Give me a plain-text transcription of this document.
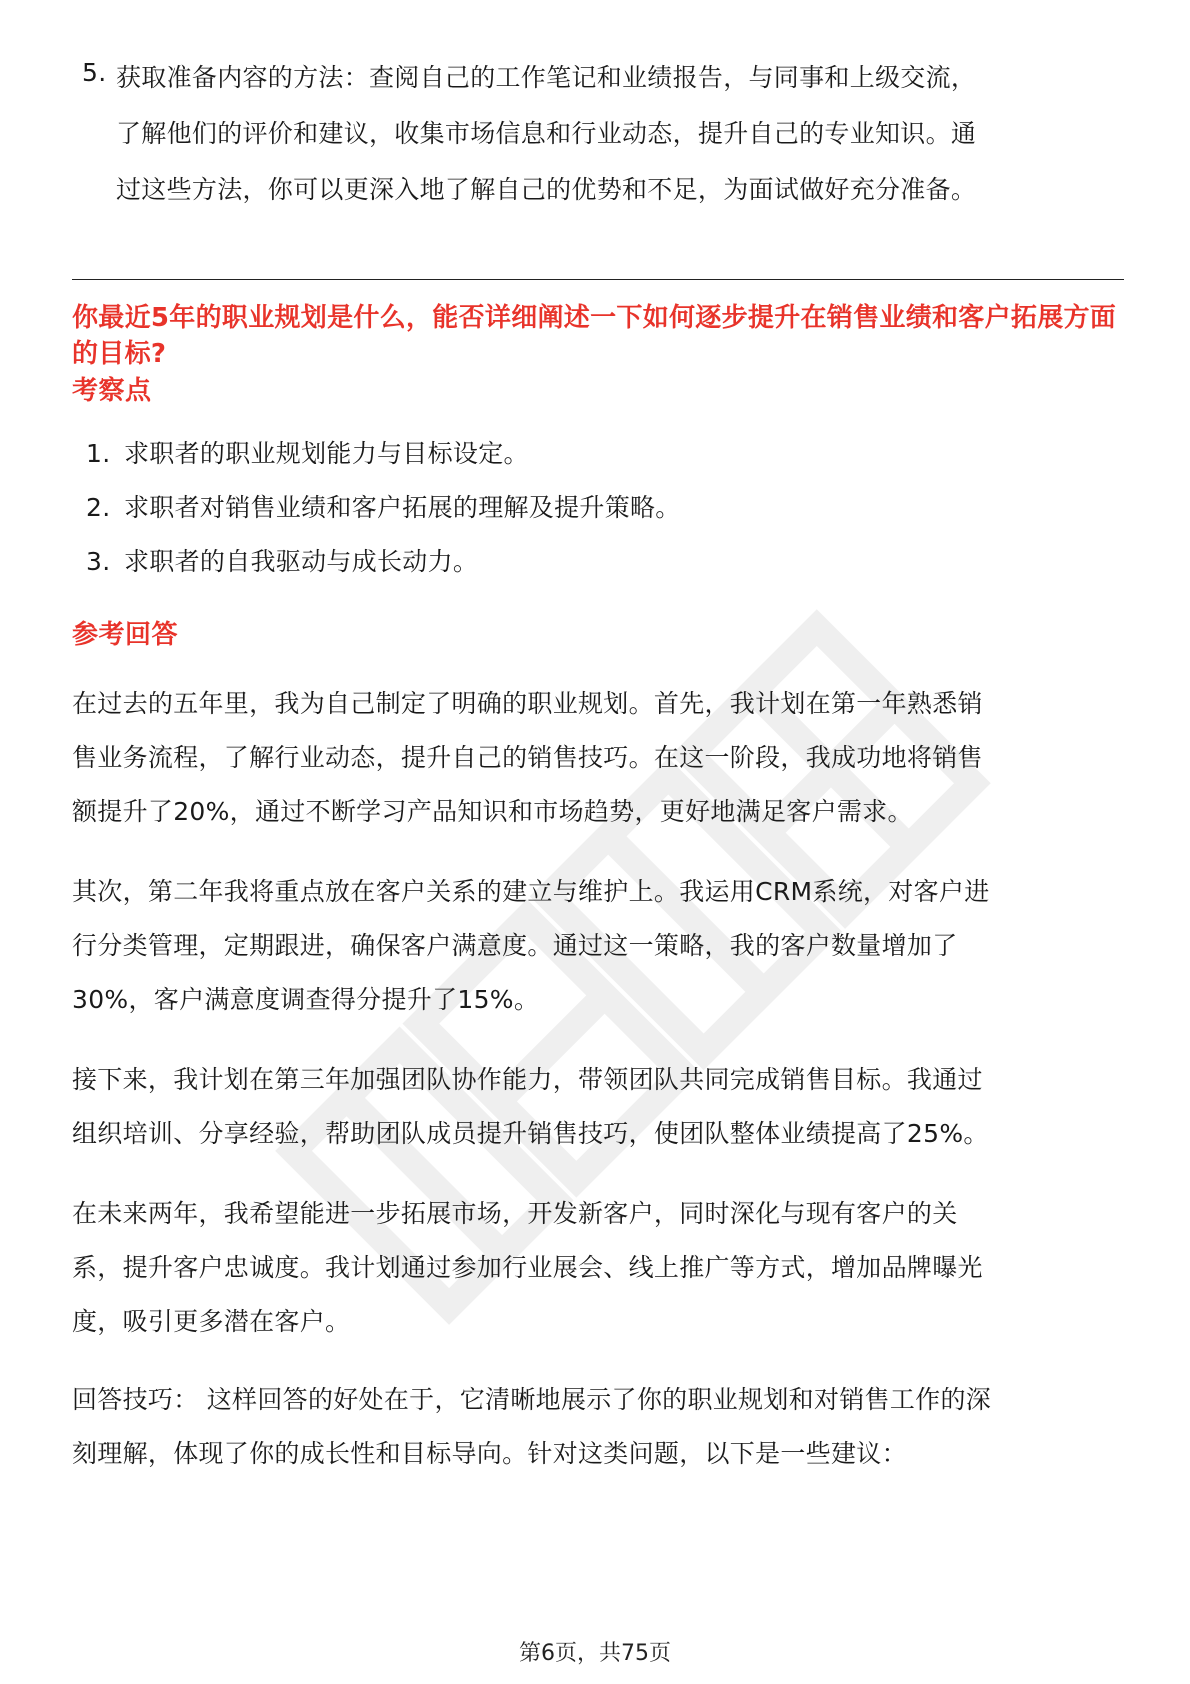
5. 获取准备内容的方法：查阅自己的工作笔记和业绩报告，与同事和上级交流，
了解他们的评价和建议，收集市场信息和行业动态，提升自己的专业知识。通
过这些方法，你可以更深入地了解自己的优势和不足，为面试做好充分准备。
你最近5年的职业规划是什么，能否详细阐述一下如何逐步提升在销售业绩和客户拓展方面的目标?
考察点
1. 求职者的职业规划能力与目标设定。
2. 求职者对销售业绩和客户拓展的理解及提升策略。
3. 求职者的自我驱动与成长动力。
参考回答
在过去的五年里，我为自己制定了明确的职业规划。首先，我计划在第一年熟悉销
售业务流程，了解行业动态，提升自己的销售技巧。在这一阶段，我成功地将销售
额提升了20%，通过不断学习产品知识和市场趋势，更好地满足客户需求。
其次，第二年我将重点放在客户关系的建立与维护上。我运用CRM系统，对客户进
行分类管理，定期跟进，确保客户满意度。通过这一策略，我的客户数量增加了
30%，客户满意度调查得分提升了15%。
接下来，我计划在第三年加强团队协作能力，带领团队共同完成销售目标。我通过
组织培训、分享经验，帮助团队成员提升销售技巧，使团队整体业绩提高了25%。
在未来两年，我希望能进一步拓展市场，开发新客户，同时深化与现有客户的关
系，提升客户忠诚度。我计划通过参加行业展会、线上推广等方式，增加品牌曝光
度，吸引更多潜在客户。
回答技巧： 这样回答的好处在于，它清晰地展示了你的职业规划和对销售工作的深
刻理解，体现了你的成长性和目标导向。针对这类问题，以下是一些建议：
第6页，共75页
